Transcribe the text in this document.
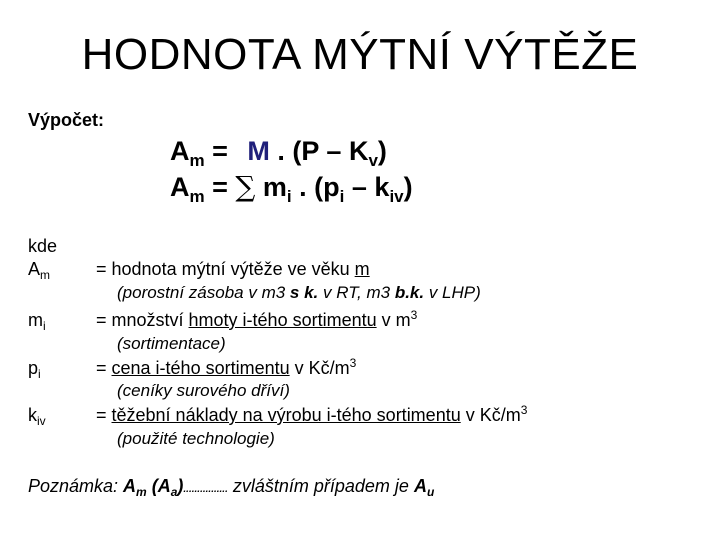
HODNOTA MÝTNÍ VÝTĚŽE
Výpočet:
$A_m = M$ . $(P - K_v)$
$A_m$ = ∑ $m_i$ . $(p_i - k_{iv})$
kde
$A_m$
$m_i$
$p_i$
$k_{iv}$
= hodnota mýtní výtěže ve věku m
(porostní zásoba v m3 s k. v RT, m3 b.k. v LHP)
= množství hmoty i-tého sortimentu v $m^3$
(sortimentace)
= cena i-tého sortimentu v $Kč/m^3$
(ceníky surového dříví)
= těžební náklady na výrobu i-tého sortimentu v $Kč/m^3$
(použité technologie)
Poznámka: $A_m$ $(A_a)$................ zvláštním případem je $A_u$
